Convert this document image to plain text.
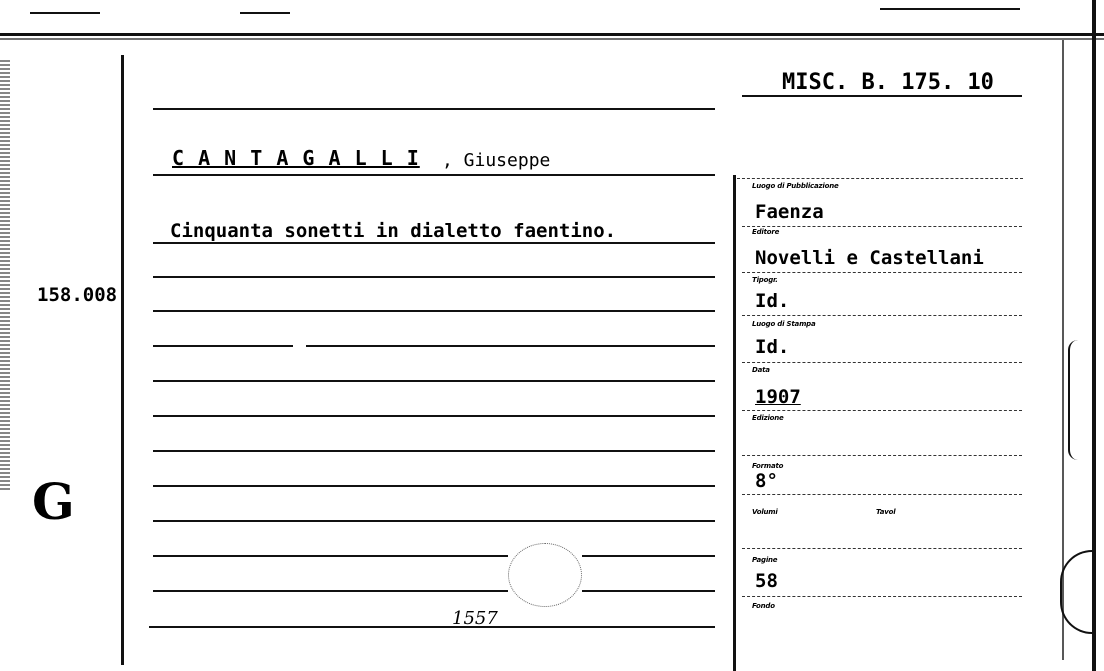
MISC. B. 175. 10
C A N T A G A L L I , Giuseppe
Cinquanta sonetti in dialetto faentino.
158.008
G
1557
Luogo di Pubblicazione
Faenza
Editore
Novelli e Castellani
Tipogr.
Id.
Luogo di Stampa
Id.
Data
1907
Edizione
Formato
8°
Volumi	Tavol
Pagine
58
Fondo
